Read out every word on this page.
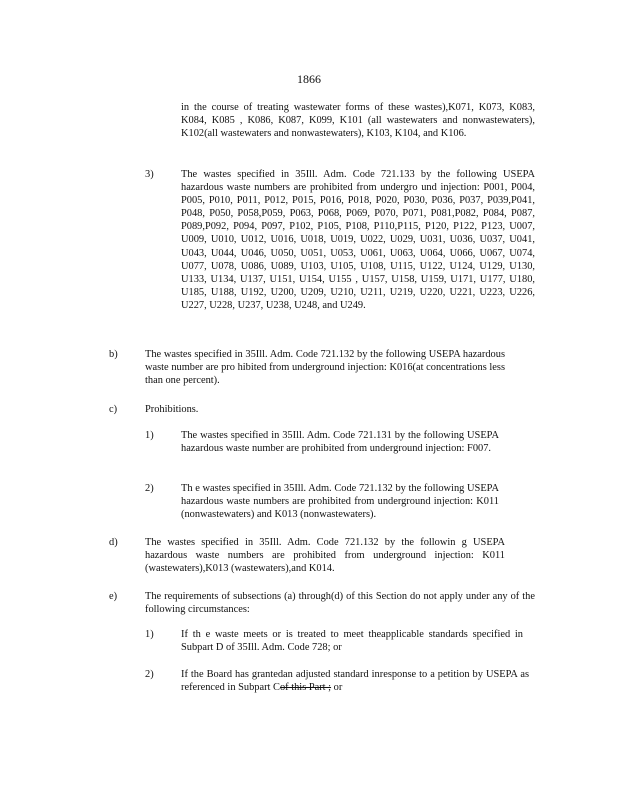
1866

in the course of treating wastewater forms of these wastes),K071, K073, K083, K084, K085 , K086, K087, K099, K101 (all wastewaters and nonwastewaters), K102(all wastewaters and nonwastewaters), K103, K104, and K106.

3)	The wastes specified in 35Ill. Adm. Code 721.133 by the following USEPA hazardous waste numbers are prohibited from undergro und injection: P001, P004, P005, P010, P011, P012, P015, P016, P018, P020, P030, P036, P037, P039,P041, P048, P050, P058,P059, P063, P068, P069, P070, P071, P081,P082, P084, P087, P089,P092, P094, P097, P102, P105, P108, P110,P115, P120, P122, P123, U007, U009, U010, U012, U016, U018, U019, U022, U029, U031, U036, U037, U041, U043, U044, U046, U050, U051, U053, U061, U063, U064, U066, U067, U074, U077, U078, U086, U089, U103, U105, U108, U115, U122, U124, U129, U130, U133, U134, U137, U151, U154, U155 , U157, U158, U159, U171, U177, U180, U185, U188, U192, U200, U209, U210, U211, U219, U220, U221, U223, U226, U227, U228, U237, U238, U248, and U249.

b)	The wastes specified in 35Ill. Adm. Code 721.132 by the following USEPA hazardous waste number are pro hibited from underground injection: K016(at concentrations less than one percent).

c)	Prohibitions.

1)	The wastes specified in 35Ill. Adm. Code 721.131 by the following USEPA hazardous waste number are prohibited from underground injection: F007.

2)	Th e wastes specified in 35Ill. Adm. Code 721.132 by the following USEPA hazardous waste numbers are prohibited from underground injection: K011 (nonwastewaters) and K013 (nonwastewaters).

d)	The wastes specified in 35Ill. Adm. Code 721.132 by the followin g USEPA hazardous waste numbers are prohibited from underground injection: K011 (wastewaters),K013 (wastewaters),and K014.

e)	The requirements of subsections (a) through(d) of this Section do not apply under any of the following circumstances:

1)	If th e waste meets or is treated to meet theapplicable standards specified in Subpart D of 35Ill. Adm. Code 728; or

2)	If the Board has grantedan adjusted standard inresponse to a petition by USEPA as referenced in Subpart Cof this Part ; or
